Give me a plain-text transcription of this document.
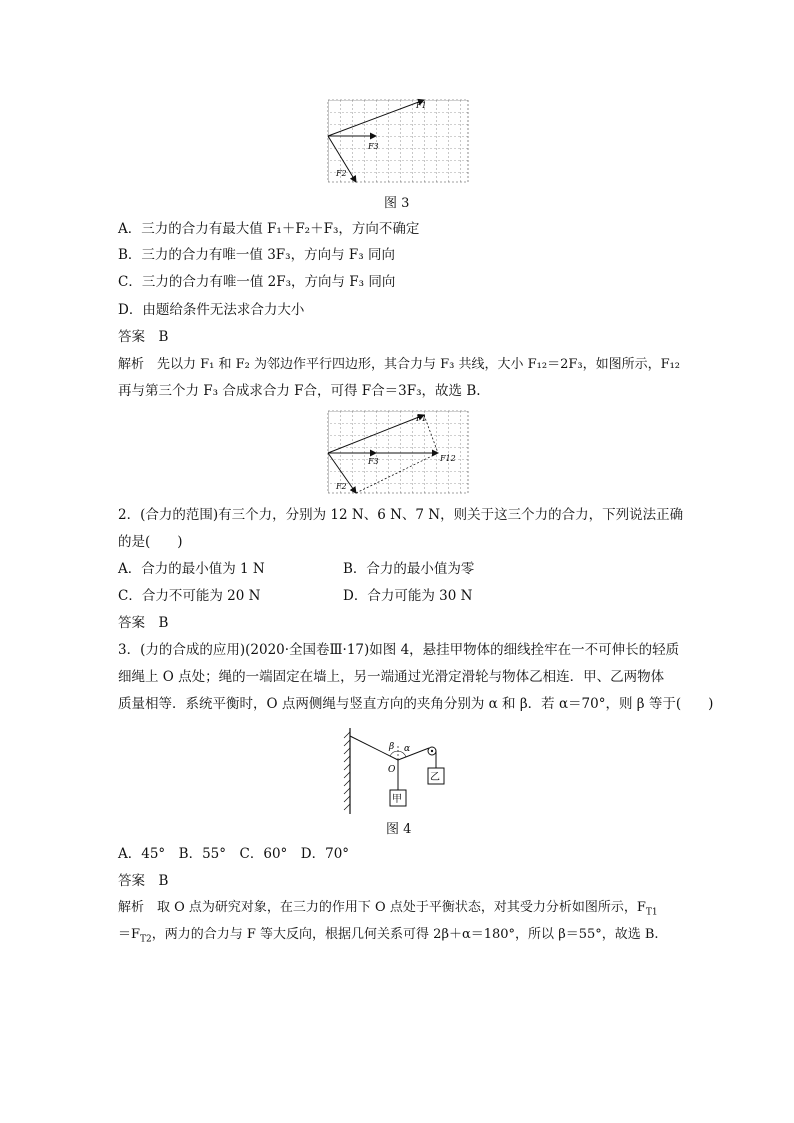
F1
F3
F2
图 3
A．三力的合力有最大值 F₁＋F₂＋F₃，方向不确定
B．三力的合力有唯一值 3F₃，方向与 F₃ 同向
C．三力的合力有唯一值 2F₃，方向与 F₃ 同向
D．由题给条件无法求合力大小
答案　B
解析　先以力 F₁ 和 F₂ 为邻边作平行四边形，其合力与 F₃ 共线，大小 F₁₂＝2F₃，如图所示，F₁₂
再与第三个力 F₃ 合成求合力 F合，可得 F合＝3F₃，故选 B.
F1
F3	F12
F2
2．(合力的范围)有三个力，分别为 12 N、6 N、7 N，则关于这三个力的合力，下列说法正确
的是(　　)
A．合力的最小值为 1 N	B．合力的最小值为零
C．合力不可能为 20 N	D．合力可能为 30 N
答案　B
3．(力的合成的应用)(2020·全国卷Ⅲ·17)如图 4，悬挂甲物体的细线拴牢在一不可伸长的轻质
细绳上 O 点处；绳的一端固定在墙上，另一端通过光滑定滑轮与物体乙相连．甲、乙两物体
质量相等．系统平衡时，O 点两侧绳与竖直方向的夹角分别为 α 和 β．若 α＝70°，则 β 等于(　　)
β α
O
甲
乙
图 4
A．45°　B．55°　C．60°　D．70°
答案　B
解析　取 O 点为研究对象，在三力的作用下 O 点处于平衡状态，对其受力分析如图所示，$F_{T1}$
$=F_{T2}$，两力的合力与 F 等大反向，根据几何关系可得 2β＋α＝180°，所以 β＝55°，故选 B.
